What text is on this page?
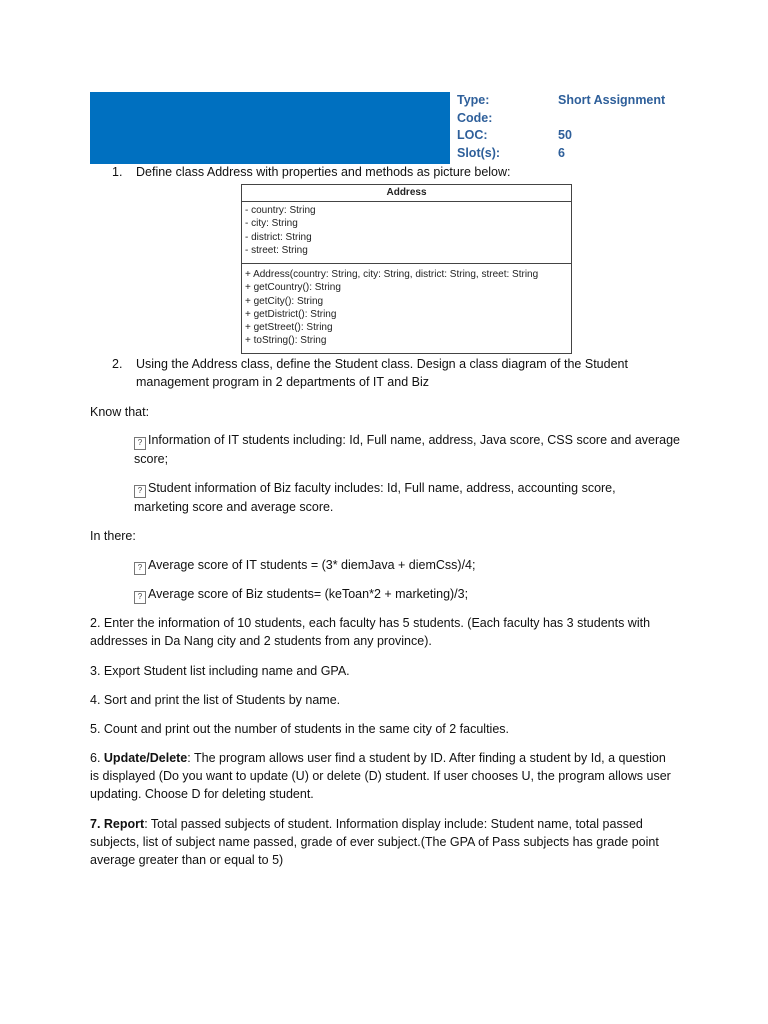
Type:	Short Assignment
Code:
LOC:	50
Slot(s):	6
1. Define class Address with properties and methods as picture below:
Address
- country: String
- city: String
- district: String
- street: String
+ Address(country: String, city: String, district: String, street: String
+ getCountry(): String
+ getCity(): String
+ getDistrict(): String
+ getStreet(): String
+ toString(): String
2. Using the Address class, define the Student class. Design a class diagram of the Student
management program in 2 departments of IT and Biz
Know that:
? Information of IT students including: Id, Full name, address, Java score, CSS score and average
score;
? Student information of Biz faculty includes: Id, Full name, address, accounting score,
marketing score and average score.
In there:
? Average score of IT students = (3* diemJava + diemCss)/4;
? Average score of Biz students= (keToan*2 + marketing)/3;
2. Enter the information of 10 students, each faculty has 5 students. (Each faculty has 3 students with
addresses in Da Nang city and 2 students from any province).
3. Export Student list including name and GPA.
4. Sort and print the list of Students by name.
5. Count and print out the number of students in the same city of 2 faculties.
6. Update/Delete: The program allows user find a student by ID. After finding a student by Id, a question
is displayed (Do you want to update (U) or delete (D) student. If user chooses U, the program allows user
updating. Choose D for deleting student.
7. Report: Total passed subjects of student. Information display include: Student name, total passed
subjects, list of subject name passed, grade of ever subject.(The GPA of Pass subjects has grade point
average greater than or equal to 5)
